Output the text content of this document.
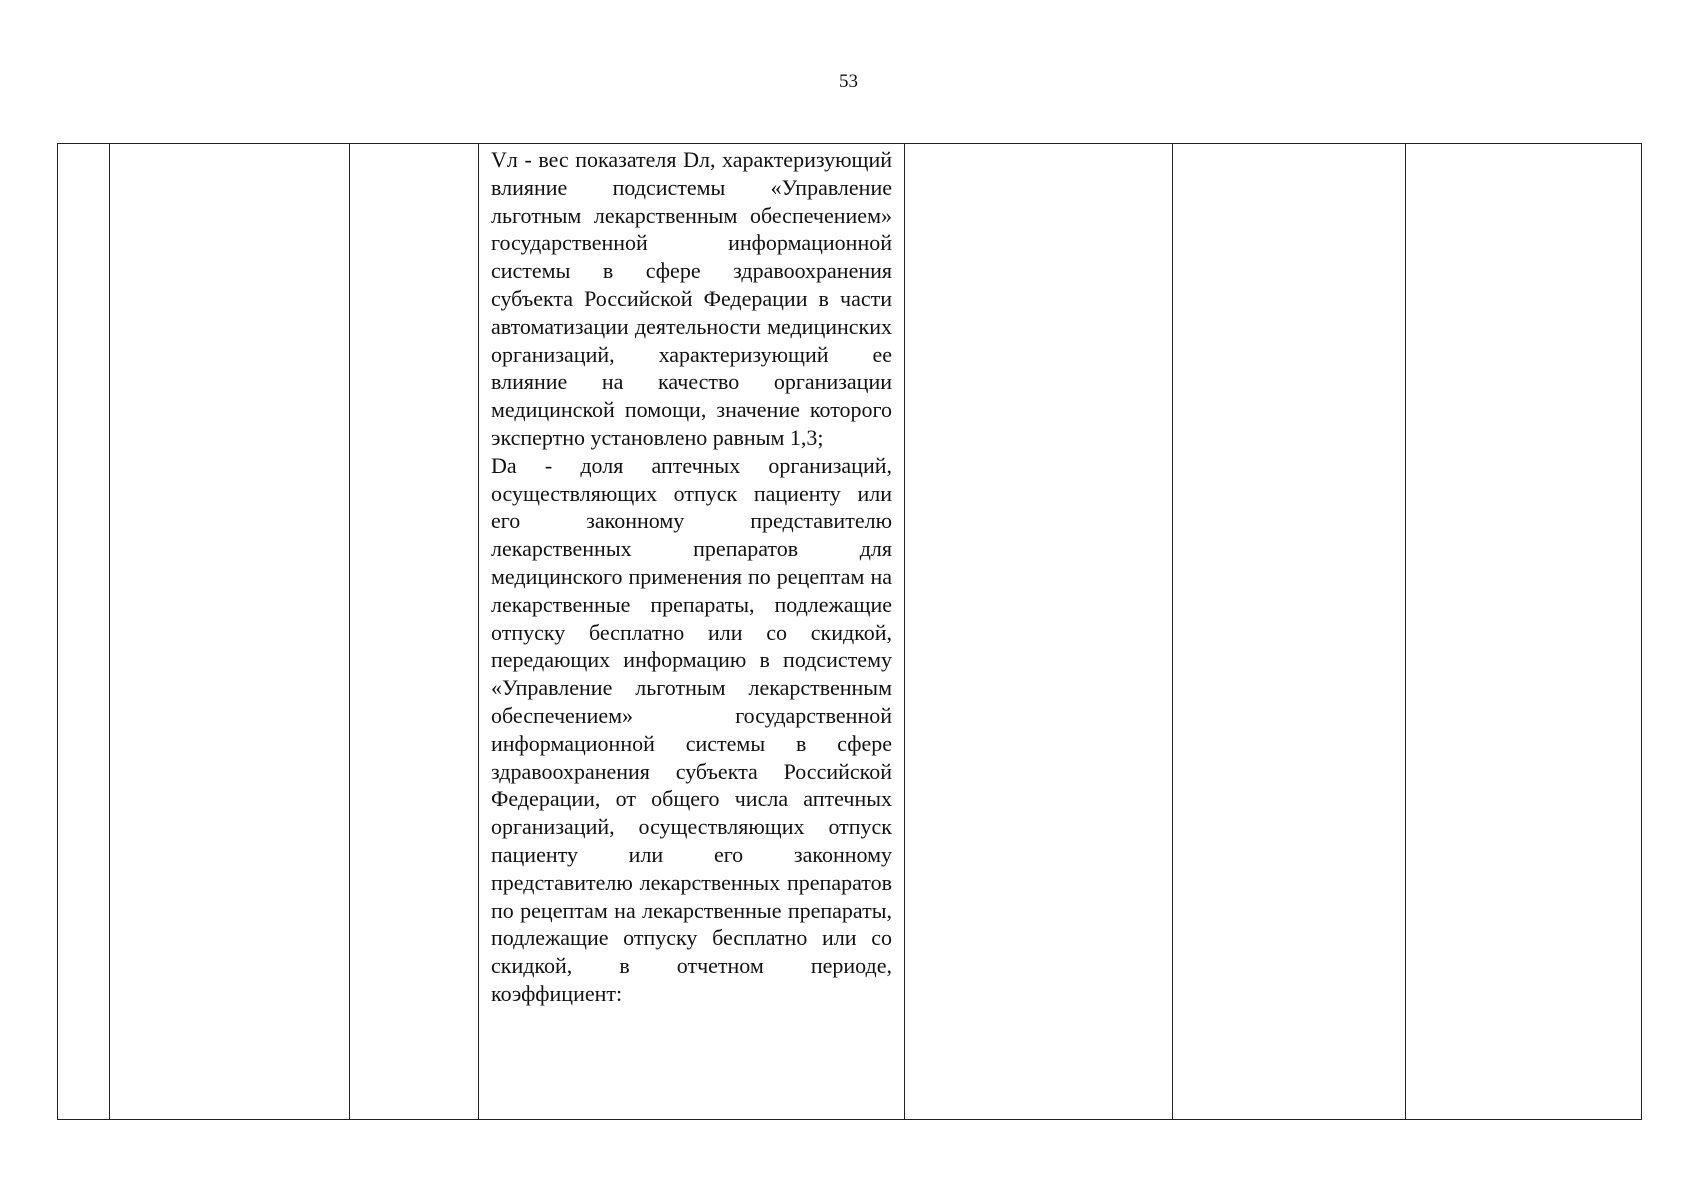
53

Vл - вес показателя Dл, характеризующий влияние подсистемы «Управление льготным лекарственным обеспечением» государственной информационной системы в сфере здравоохранения субъекта Российской Федерации в части автоматизации деятельности медицинских организаций, характеризующий ее влияние на качество организации медицинской помощи, значение которого экспертно установлено равным 1,3;

Da - доля аптечных организаций, осуществляющих отпуск пациенту или его законному представителю лекарственных препаратов для медицинского применения по рецептам на лекарственные препараты, подлежащие отпуску бесплатно или со скидкой, передающих информацию в подсистему «Управление льготным лекарственным обеспечением» государственной информационной системы в сфере здравоохранения субъекта Российской Федерации, от общего числа аптечных организаций, осуществляющих отпуск пациенту или его законному представителю лекарственных препаратов по рецептам на лекарственные препараты, подлежащие отпуску бесплатно или со скидкой, в отчетном периоде, коэффициент:
